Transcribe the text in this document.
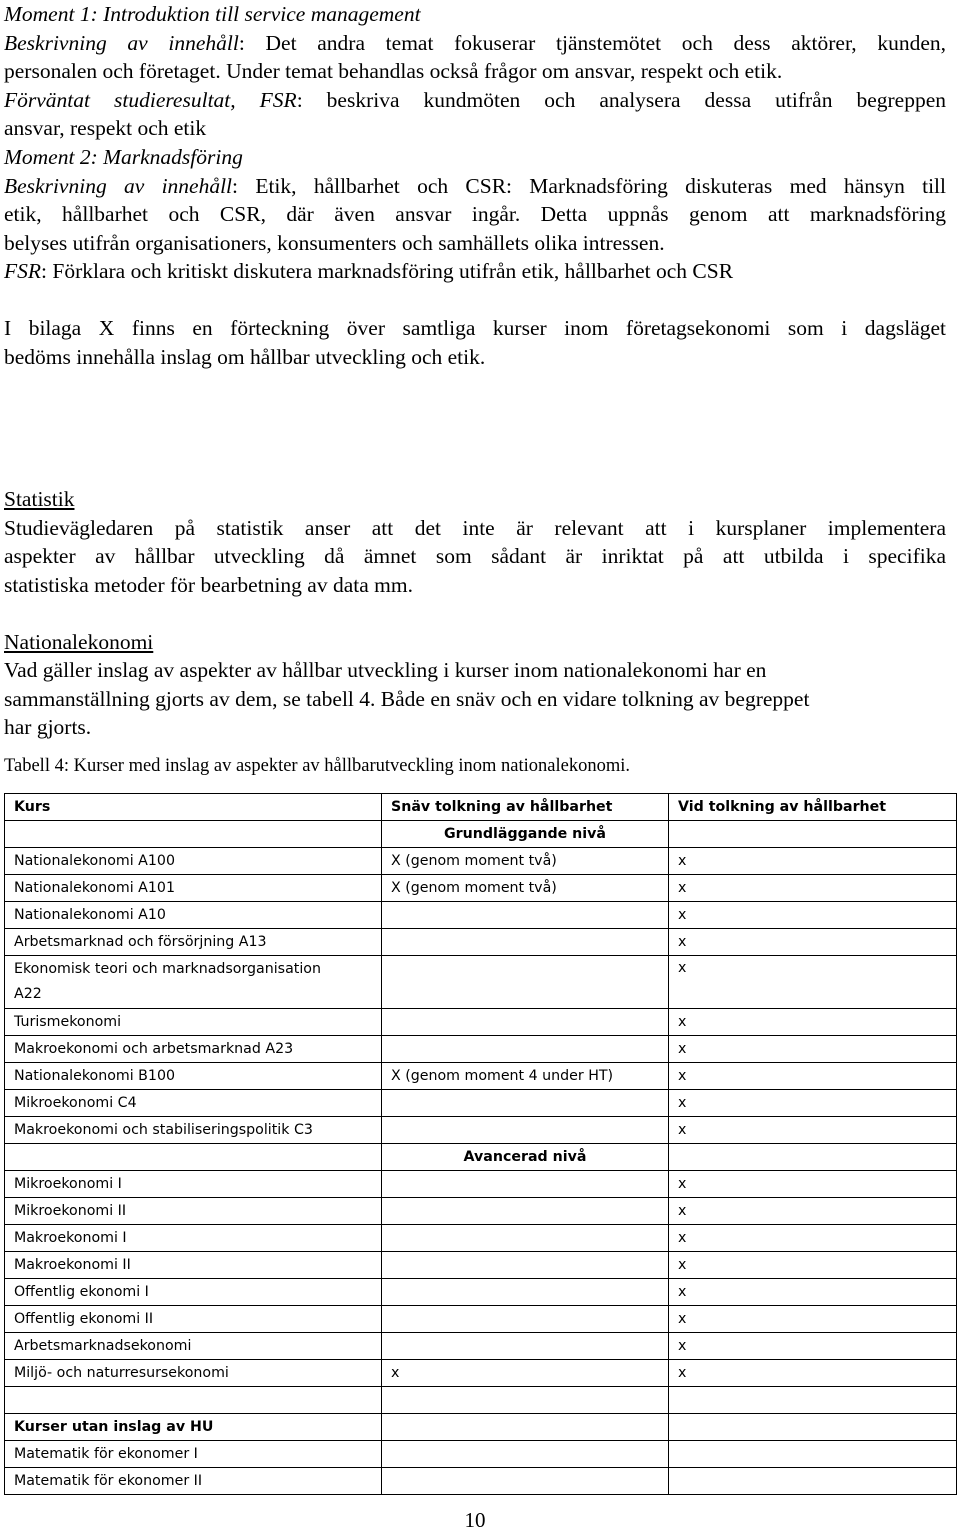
Moment 1: Introduktion till service management
Beskrivning av innehåll: Det andra temat fokuserar tjänstemötet och dess aktörer, kunden,
personalen och företaget. Under temat behandlas också frågor om ansvar, respekt och etik.
Förväntat studieresultat, FSR: beskriva kundmöten och analysera dessa utifrån begreppen
ansvar, respekt och etik
Moment 2: Marknadsföring
Beskrivning av innehåll: Etik, hållbarhet och CSR: Marknadsföring diskuteras med hänsyn till
etik, hållbarhet och CSR, där även ansvar ingår. Detta uppnås genom att marknadsföring
belyses utifrån organisationers, konsumenters och samhällets olika intressen.
FSR: Förklara och kritiskt diskutera marknadsföring utifrån etik, hållbarhet och CSR
I bilaga X finns en förteckning över samtliga kurser inom företagsekonomi som i dagsläget
bedöms innehålla inslag om hållbar utveckling och etik.
Statistik
Studievägledaren på statistik anser att det inte är relevant att i kursplaner implementera
aspekter av hållbar utveckling då ämnet som sådant är inriktat på att utbilda i specifika
statistiska metoder för bearbetning av data mm.
Nationalekonomi
Vad gäller inslag av aspekter av hållbar utveckling i kurser inom nationalekonomi har en
sammanställning gjorts av dem, se tabell 4. Både en snäv och en vidare tolkning av begreppet
har gjorts.
Tabell 4: Kurser med inslag av aspekter av hållbarutveckling inom nationalekonomi.
Kurs	Snäv tolkning av hållbarhet	Vid tolkning av hållbarhet
	Grundläggande nivå	
Nationalekonomi A100	X (genom moment två)	x
Nationalekonomi A101	X (genom moment två)	x
Nationalekonomi A10		x
Arbetsmarknad och försörjning A13		x
Ekonomisk teori och marknadsorganisation
A22		x
Turismekonomi		x
Makroekonomi och arbetsmarknad A23		x
Nationalekonomi B100	X (genom moment 4 under HT)	x
Mikroekonomi C4		x
Makroekonomi och stabiliseringspolitik C3		x
	Avancerad nivå	
Mikroekonomi I		x
Mikroekonomi II		x
Makroekonomi I		x
Makroekonomi II		x
Offentlig ekonomi I		x
Offentlig ekonomi II		x
Arbetsmarknadsekonomi		x
Miljö- och naturresursekonomi	x	x

Kurser utan inslag av HU		
Matematik för ekonomer I		
Matematik för ekonomer II		
10
